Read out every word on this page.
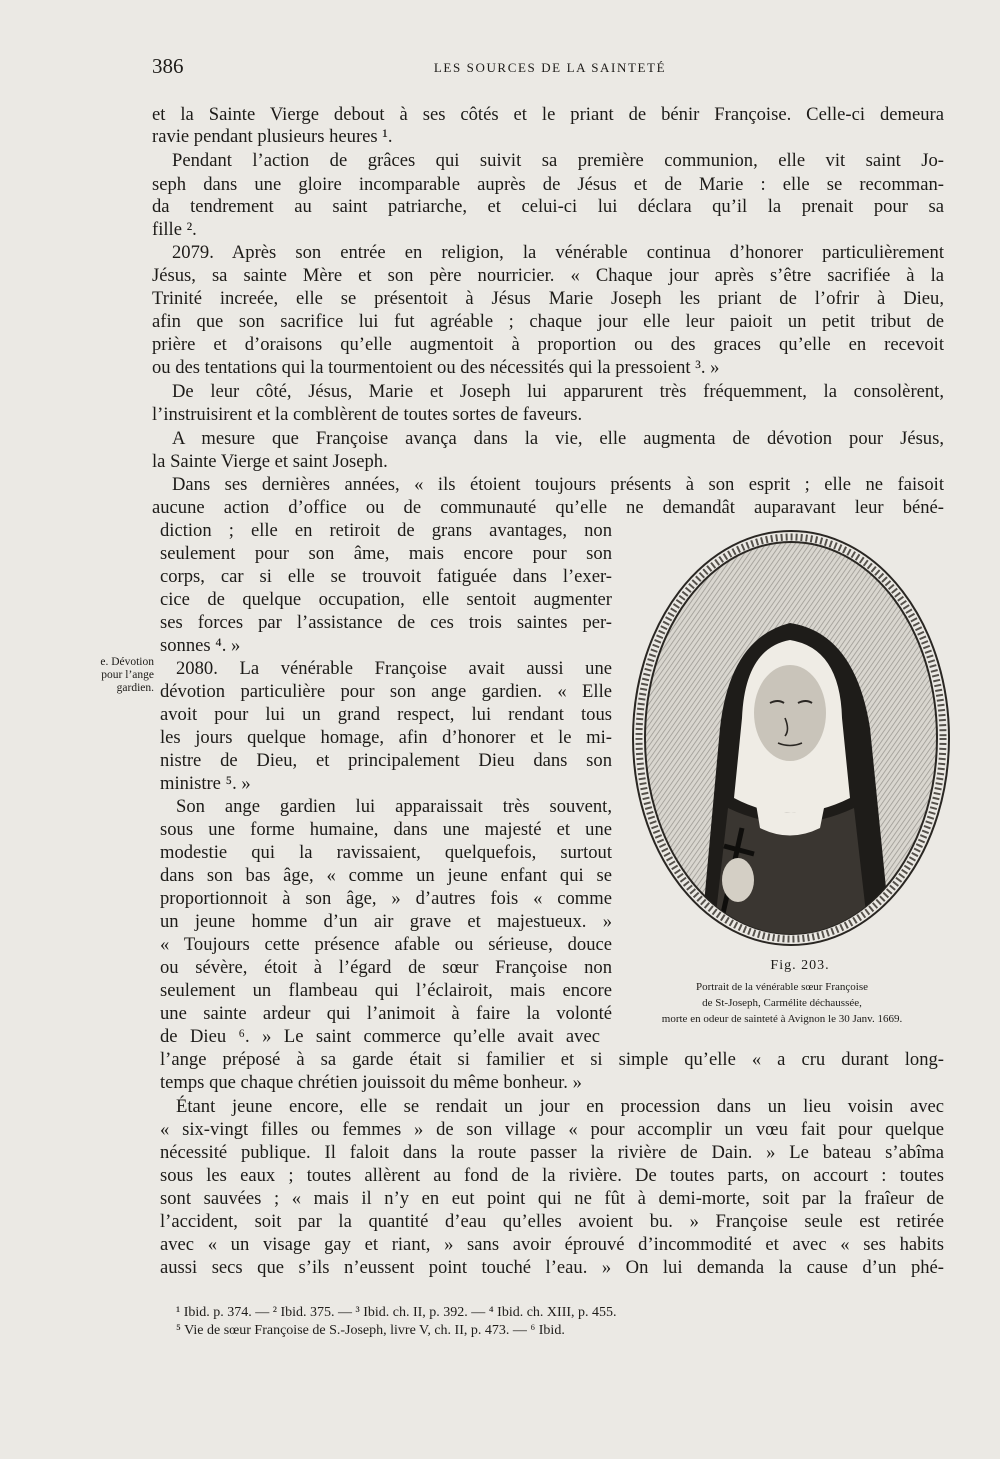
386	LES SOURCES DE LA SAINTETÉ
et la Sainte Vierge debout à ses côtés et le priant de bénir Françoise. Celle-ci demeura
ravie pendant plusieurs heures ¹.
Pendant l’action de grâces qui suivit sa première communion, elle vit saint Jo-
seph dans une gloire incomparable auprès de Jésus et de Marie : elle se recomman-
da tendrement au saint patriarche, et celui-ci lui déclara qu’il la prenait pour sa
fille ².
2079. Après son entrée en religion, la vénérable continua d’honorer particulièrement
Jésus, sa sainte Mère et son père nourricier. « Chaque jour après s’être sacrifiée à la
Trinité increée, elle se présentoit à Jésus Marie Joseph les priant de l’ofrir à Dieu,
afin que son sacrifice lui fut agréable ; chaque jour elle leur paioit un petit tribut de
prière et d’oraisons qu’elle augmentoit à proportion ou des graces qu’elle en recevoit
ou des tentations qui la tourmentoient ou des nécessités qui la pressoient ³. »
De leur côté, Jésus, Marie et Joseph lui apparurent très fréquemment, la consolèrent,
l’instruisirent et la comblèrent de toutes sortes de faveurs.
A mesure que Françoise avança dans la vie, elle augmenta de dévotion pour Jésus,
la Sainte Vierge et saint Joseph.
Dans ses dernières années, « ils étoient toujours présents à son esprit ; elle ne faisoit
aucune action d’office ou de communauté qu’elle ne demandât auparavant leur béné-
diction ; elle en retiroit de grans avantages, non
seulement pour son âme, mais encore pour son
corps, car si elle se trouvoit fatiguée dans l’exer-
cice de quelque occupation, elle sentoit augmenter
ses forces par l’assistance de ces trois saintes per-
sonnes ⁴. »
2080. La vénérable Françoise avait aussi une
dévotion particulière pour son ange gardien. « Elle
avoit pour lui un grand respect, lui rendant tous
les jours quelque homage, afin d’honorer et le mi-
nistre de Dieu, et principalement Dieu dans son
ministre ⁵. »
Son ange gardien lui apparaissait très souvent,
sous une forme humaine, dans une majesté et une
modestie qui la ravissaient, quelquefois, surtout
dans son bas âge, « comme un jeune enfant qui se
proportionnoit à son âge, » d’autres fois « comme
un jeune homme d’un air grave et majestueux. »
« Toujours cette présence afable ou sérieuse, douce
ou sévère, étoit à l’égard de sœur Françoise non
seulement un flambeau qui l’éclairoit, mais encore
une sainte ardeur qui l’animoit à faire la volonté
de Dieu ⁶. » Le saint commerce qu’elle avait avec
l’ange préposé à sa garde était si familier et si simple qu’elle « a cru durant long-
temps que chaque chrétien jouissoit du même bonheur. »
Étant jeune encore, elle se rendait un jour en procession dans un lieu voisin avec
« six-vingt filles ou femmes » de son village « pour accomplir un vœu fait pour quelque
nécessité publique. Il faloit dans la route passer la rivière de Dain. » Le bateau s’abîma
sous les eaux ; toutes allèrent au fond de la rivière. De toutes parts, on accourt : toutes
sont sauvées ; « mais il n’y en eut point qui ne fût à demi-morte, soit par la fraîeur de
l’accident, soit par la quantité d’eau qu’elles avoient bu. » Françoise seule est retirée
avec « un visage gay et riant, » sans avoir éprouvé d’incommodité et avec « ses habits
aussi secs que s’ils n’eussent point touché l’eau. » On lui demanda la cause d’un phé-
e. Dévotion
pour l’ange
gardien.
Fig. 203.
Portrait de la vénérable sœur Françoise
de St-Joseph, Carmélite déchaussée,
morte en odeur de sainteté à Avignon le 30 Janv. 1669.
¹ Ibid. p. 374. — ² Ibid. 375. — ³ Ibid. ch. II, p. 392. — ⁴ Ibid. ch. XIII, p. 455.
⁵ Vie de sœur Françoise de S.-Joseph, livre V, ch. II, p. 473. — ⁶ Ibid.
